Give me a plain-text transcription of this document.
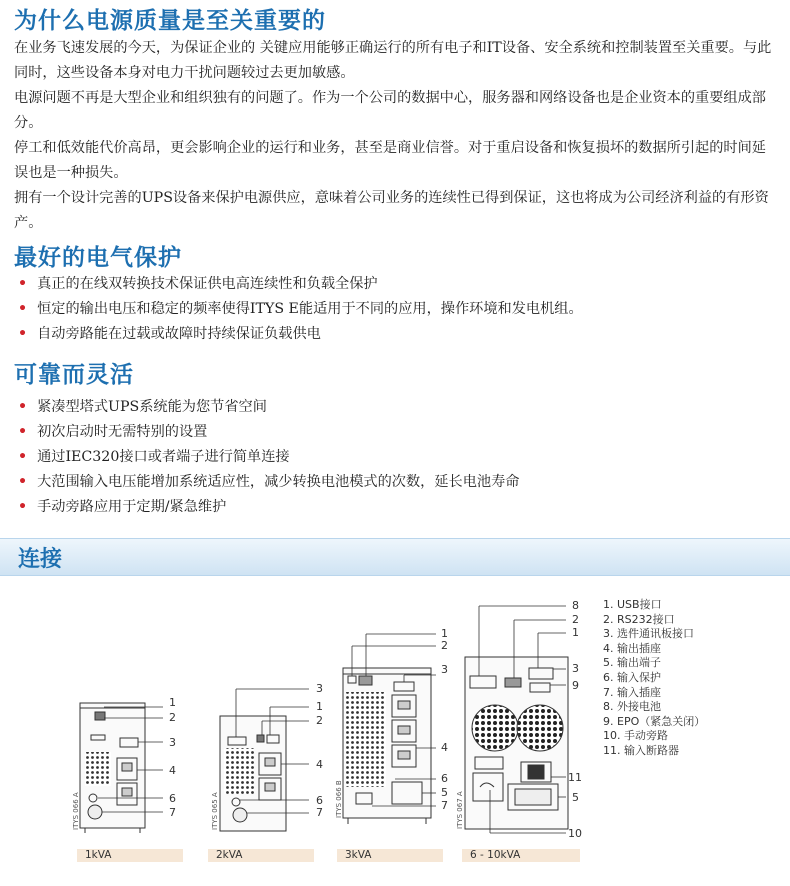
为什么电源质量是至关重要的

在业务飞速发展的今天，为保证企业的 关键应用能够正确运行的所有电子和IT设备、安全系统和控制装置至关重要。与此同时，这些设备本身对电力干扰问题较过去更加敏感。

电源问题不再是大型企业和组织独有的问题了。作为一个公司的数据中心，服务器和网络设备也是企业资本的重要组成部分。

停工和低效能代价高昂，更会影响企业的运行和业务，甚至是商业信誉。对于重启设备和恢复损坏的数据所引起的时间延误也是一种损失。

拥有一个设计完善的UPS设备来保护电源供应，意味着公司业务的连续性已得到保证，这也将成为公司经济利益的有形资产。

最好的电气保护
• 真正的在线双转换技术保证供电高连续性和负载全保护
• 恒定的输出电压和稳定的频率使得ITYS E能适用于不同的应用，操作环境和发电机组。
• 自动旁路能在过载或故障时持续保证负载供电
可靠而灵活
• 紧凑型塔式UPS系统能为您节省空间
• 初次启动时无需特别的设置
• 通过IEC320接口或者端子进行简单连接
• 大范围输入电压能增加系统适应性，减少转换电池模式的次数，延长电池寿命
• 手动旁路应用于定期/紧急维护
连接
1
2
3
4
6
7
3
1
2
4
6
7
1
2
3
4
6
5
7
8
2
1
3
9
11
5
10
ITYS 066 A	ITYS 065 A	ITYS 066 B	ITYS 067 A
1. USB接口
2. RS232接口
3. 选件通讯板接口
4. 输出插座
5. 输出端子
6. 输入保护
7. 输入插座
8. 外接电池
9. EPO（紧急关闭）
10. 手动旁路
11. 输入断路器
1kVA	2kVA	3kVA	6 - 10kVA
